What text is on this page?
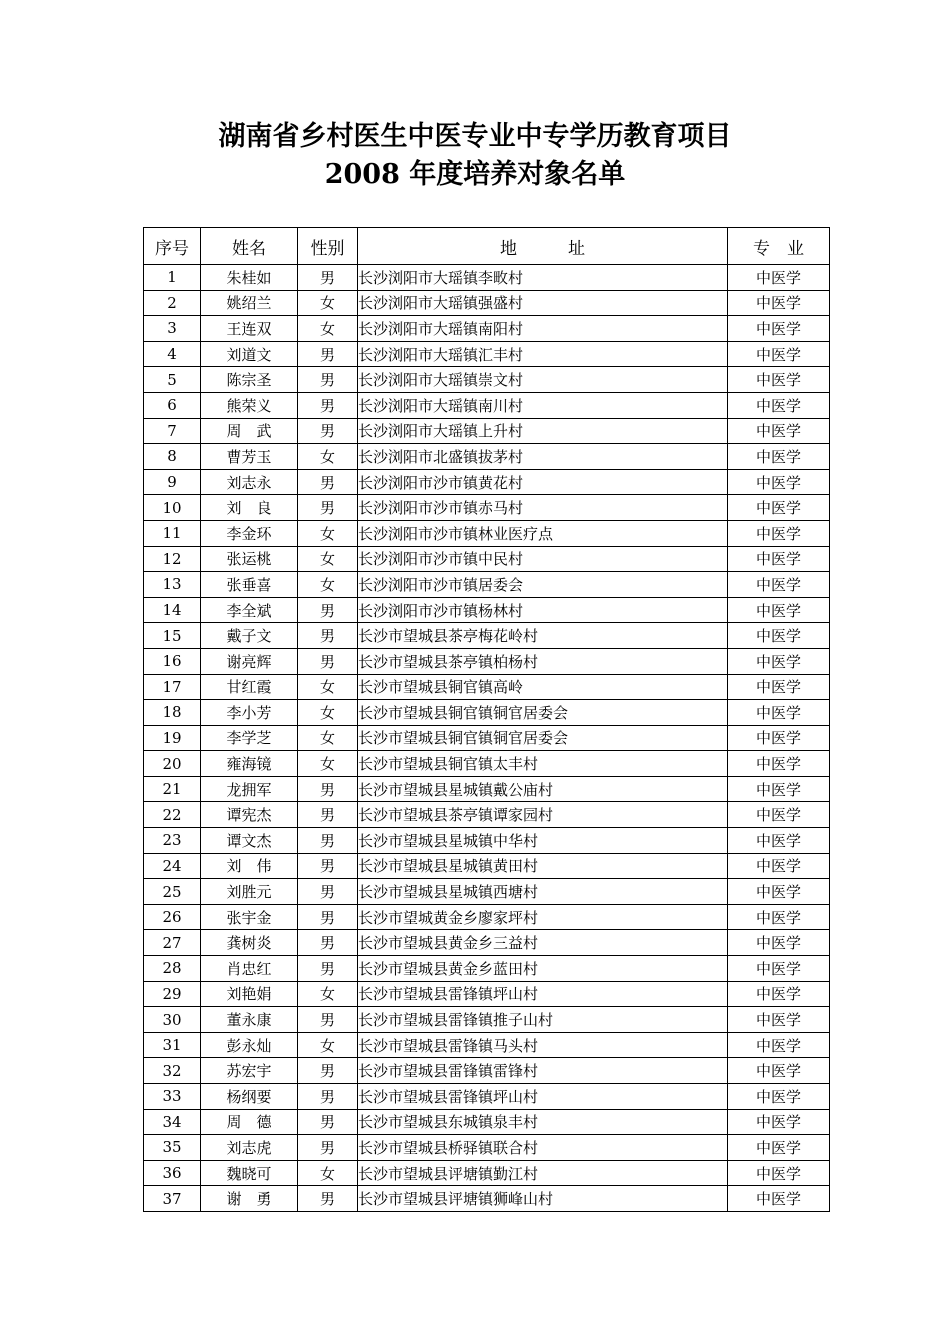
湖南省乡村医生中医专业中专学历教育项目
2008 年度培养对象名单
序号	姓名	性别	地　　　址	专　业
1	朱桂如	男	长沙浏阳市大瑶镇李畋村	中医学
2	姚绍兰	女	长沙浏阳市大瑶镇强盛村	中医学
3	王连双	女	长沙浏阳市大瑶镇南阳村	中医学
4	刘道文	男	长沙浏阳市大瑶镇汇丰村	中医学
5	陈宗圣	男	长沙浏阳市大瑶镇崇文村	中医学
6	熊荣义	男	长沙浏阳市大瑶镇南川村	中医学
7	周　武	男	长沙浏阳市大瑶镇上升村	中医学
8	曹芳玉	女	长沙浏阳市北盛镇拔茅村	中医学
9	刘志永	男	长沙浏阳市沙市镇黄花村	中医学
10	刘　良	男	长沙浏阳市沙市镇赤马村	中医学
11	李金环	女	长沙浏阳市沙市镇林业医疗点	中医学
12	张运桃	女	长沙浏阳市沙市镇中民村	中医学
13	张垂喜	女	长沙浏阳市沙市镇居委会	中医学
14	李全斌	男	长沙浏阳市沙市镇杨林村	中医学
15	戴子文	男	长沙市望城县茶亭梅花岭村	中医学
16	谢亮辉	男	长沙市望城县茶亭镇柏杨村	中医学
17	甘红霞	女	长沙市望城县铜官镇高岭	中医学
18	李小芳	女	长沙市望城县铜官镇铜官居委会	中医学
19	李学芝	女	长沙市望城县铜官镇铜官居委会	中医学
20	雍海镜	女	长沙市望城县铜官镇太丰村	中医学
21	龙拥军	男	长沙市望城县星城镇戴公庙村	中医学
22	谭宪杰	男	长沙市望城县茶亭镇谭家园村	中医学
23	谭文杰	男	长沙市望城县星城镇中华村	中医学
24	刘　伟	男	长沙市望城县星城镇黄田村	中医学
25	刘胜元	男	长沙市望城县星城镇西塘村	中医学
26	张宇金	男	长沙市望城黄金乡廖家坪村	中医学
27	龚树炎	男	长沙市望城县黄金乡三益村	中医学
28	肖忠红	男	长沙市望城县黄金乡蓝田村	中医学
29	刘艳娟	女	长沙市望城县雷锋镇坪山村	中医学
30	董永康	男	长沙市望城县雷锋镇推子山村	中医学
31	彭永灿	女	长沙市望城县雷锋镇马头村	中医学
32	苏宏宇	男	长沙市望城县雷锋镇雷锋村	中医学
33	杨纲要	男	长沙市望城县雷锋镇坪山村	中医学
34	周　德	男	长沙市望城县东城镇泉丰村	中医学
35	刘志虎	男	长沙市望城县桥驿镇联合村	中医学
36	魏晓可	女	长沙市望城县评塘镇勤江村	中医学
37	谢　勇	男	长沙市望城县评塘镇狮峰山村	中医学
